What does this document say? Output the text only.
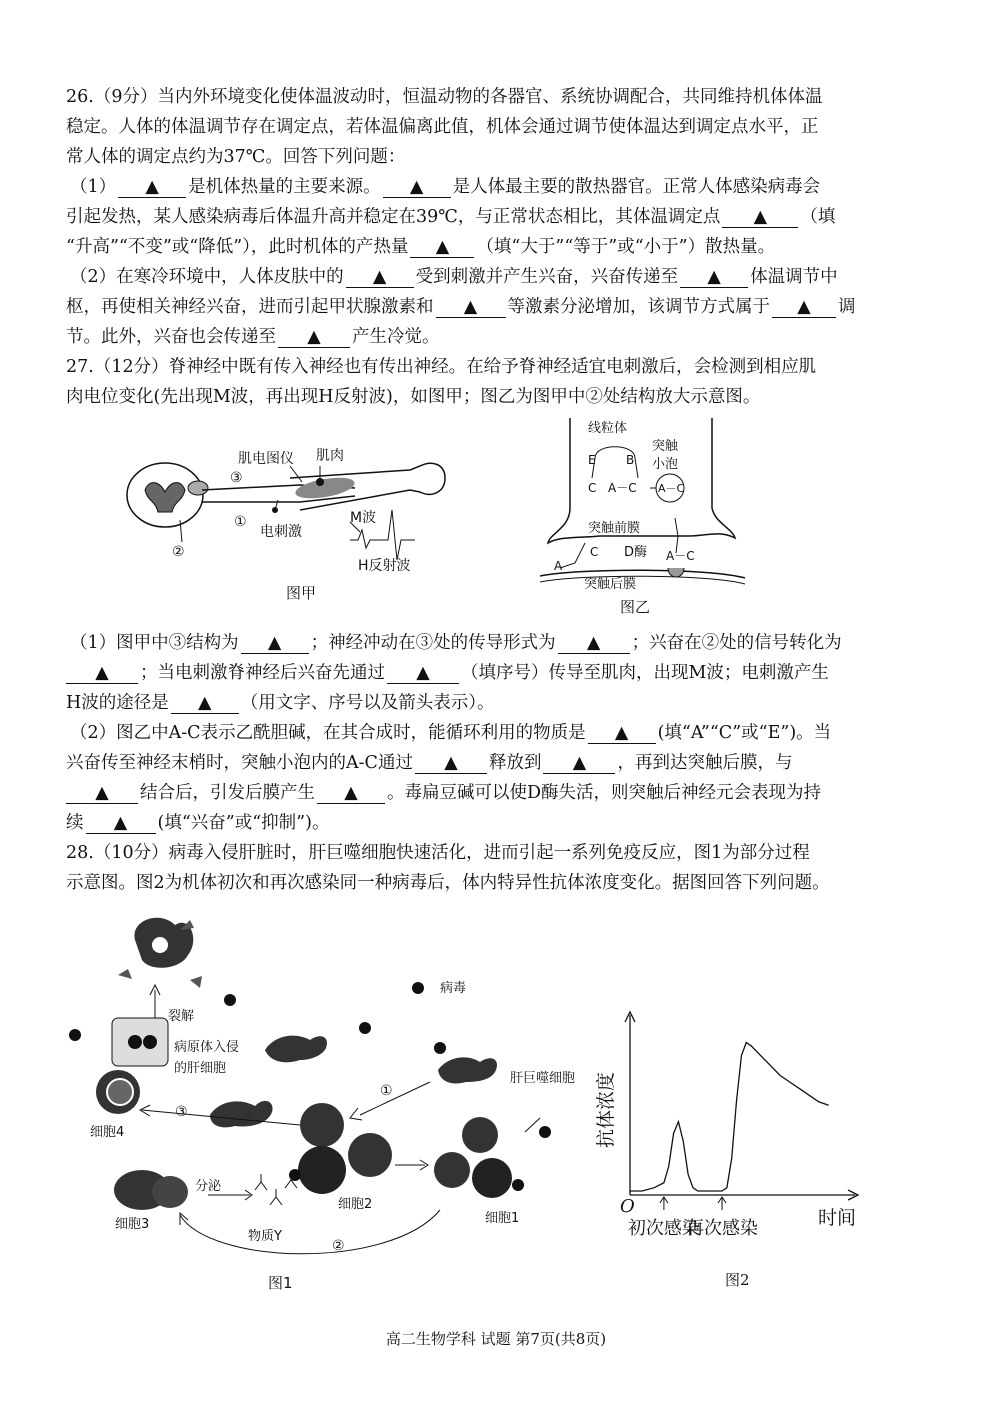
26.（9分）当内外环境变化使体温波动时，恒温动物的各器官、系统协调配合，共同维持机体体温
稳定。人体的体温调节存在调定点，若体温偏离此值，机体会通过调节使体温达到调定点水平，正
常人体的调定点约为37℃。回答下列问题：
（1） ▲ 是机体热量的主要来源。 ▲ 是人体最主要的散热器官。正常人体感染病毒会
引起发热，某人感染病毒后体温升高并稳定在39℃，与正常状态相比，其体温调定点 ▲ （填
“升高”“不变”或“降低”），此时机体的产热量 ▲ （填“大于”“等于”或“小于”）散热量。
（2）在寒冷环境中，人体皮肤中的 ▲ 受到刺激并产生兴奋，兴奋传递至 ▲ 体温调节中
枢，再使相关神经兴奋，进而引起甲状腺激素和 ▲ 等激素分泌增加，该调节方式属于 ▲ 调
节。此外，兴奋也会传递至 ▲ 产生冷觉。
27.（12分）脊神经中既有传入神经也有传出神经。在给予脊神经适宜电刺激后，会检测到相应肌
肉电位变化(先出现M波，再出现H反射波)，如图甲；图乙为图甲中②处结构放大示意图。
肌电图仪 肌肉
③
①
②
电刺激
M波
H反射波
图甲
线粒体
突触
小泡
E	B
C A－C A－C
突触前膜
C D酶 A－C
A
突触后膜
图乙
（1）图甲中③结构为 ▲ ；神经冲动在③处的传导形式为 ▲ ；兴奋在②处的信号转化为
▲ ；当电刺激脊神经后兴奋先通过 ▲ （填序号）传导至肌肉，出现M波；电刺激产生
H波的途径是 ▲ （用文字、序号以及箭头表示）。
（2）图乙中A-C表示乙酰胆碱，在其合成时，能循环利用的物质是 ▲ (填“A”“C”或“E”)。当
兴奋传至神经末梢时，突触小泡内的A-C通过 ▲ 释放到 ▲ ，再到达突触后膜，与
▲ 结合后，引发后膜产生 ▲ 。毒扁豆碱可以使D酶失活，则突触后神经元会表现为持
续 ▲ (填“兴奋”或“抑制”)。
28.（10分）病毒入侵肝脏时，肝巨噬细胞快速活化，进而引起一系列免疫反应，图1为部分过程
示意图。图2为机体初次和再次感染同一种病毒后，体内特异性抗体浓度变化。据图回答下列问题。
裂解
病原体入侵
的肝细胞
病毒
肝巨噬细胞
①
③
细胞4
细胞2
细胞1
细胞3
分泌
物质Y
②
图1
抗体浓度
O
时间
初次感染
再次感染
图2
高二生物学科 试题 第7页(共8页)
